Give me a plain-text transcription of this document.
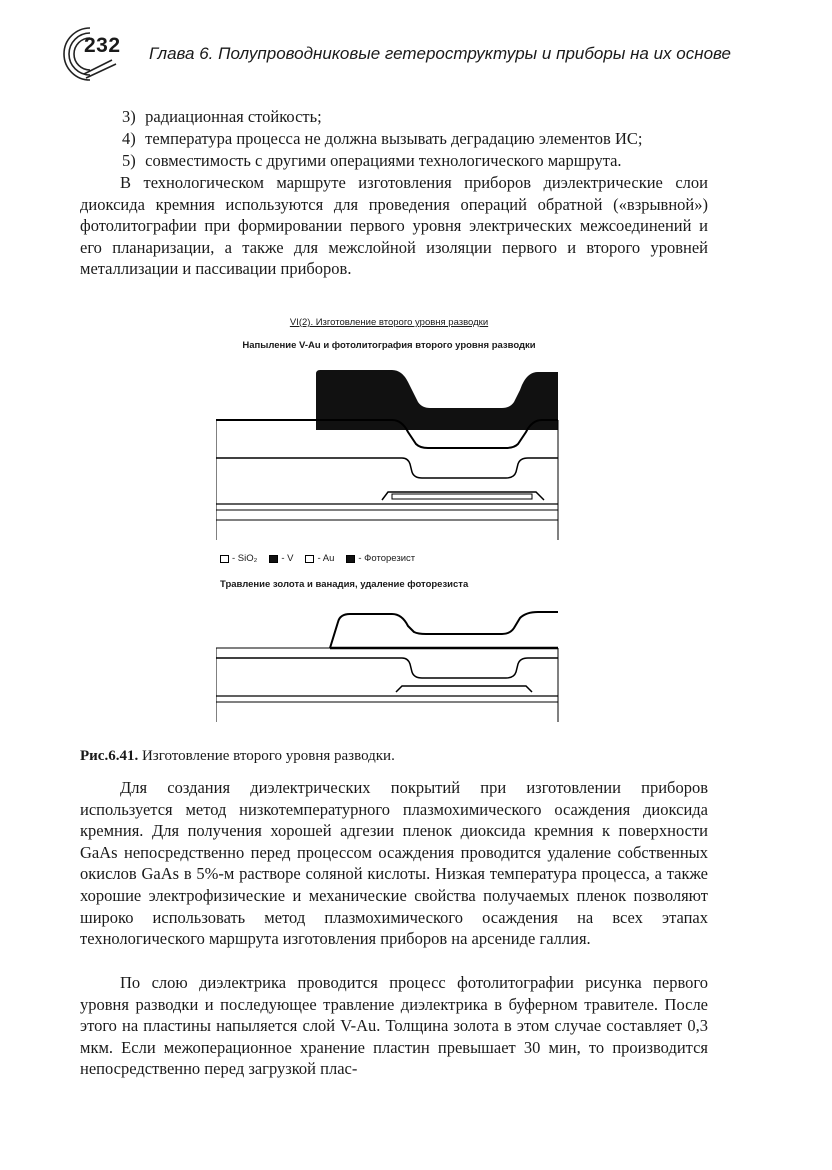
232 Глава 6. Полупроводниковые гетероструктуры и приборы на их основе
3) радиационная стойкость;
4) температура процесса не должна вызывать деградацию элементов ИС;
5) совместимость с другими операциями технологического маршрута.

В технологическом маршруте изготовления приборов диэлектрические слои диоксида кремния используются для проведения операций обратной («взрывной») фотолитографии при формировании первого уровня электрических межсоединений и его планаризации, а также для межслойной изоляции первого и второго уровней металлизации и пассивации приборов.

VI(2). Изготовление второго уровня разводки
Напыление V-Au и фотолитография второго уровня разводки
- SiO₂	- V	- Au	- Фоторезист
Травление золота и ванадия, удаление фоторезиста
Рис.6.41. Изготовление второго уровня разводки.

Для создания диэлектрических покрытий при изготовлении приборов используется метод низкотемпературного плазмохимического осаждения диоксида кремния. Для получения хорошей адгезии пленок диоксида кремния к поверхности GaAs непосредственно перед процессом осаждения проводится удаление собственных окислов GaAs в 5%-м растворе соляной кислоты. Низкая температура процесса, а также хорошие электрофизические и механические свойства получаемых пленок позволяют широко использовать метод плазмохимического осаждения на всех этапах технологического маршрута изготовления приборов на арсениде галлия.

По слою диэлектрика проводится процесс фотолитографии рисунка первого уровня разводки и последующее травление диэлектрика в буферном травителе. После этого на пластины напыляется слой V-Au. Толщина золота в этом случае составляет 0,3 мкм. Если межоперационное хранение пластин превышает 30 мин, то производится непосредственно перед загрузкой плас-
